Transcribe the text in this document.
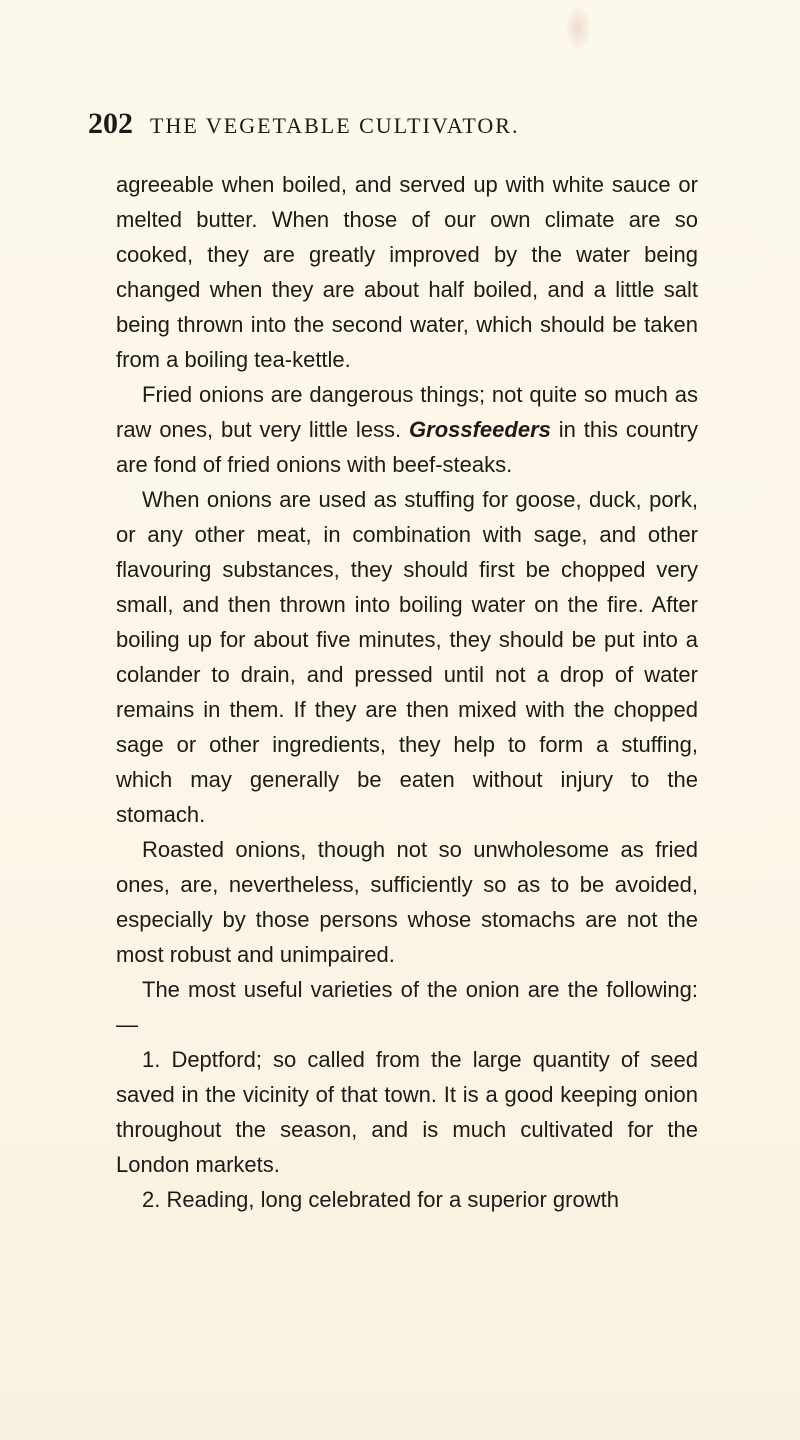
202 THE VEGETABLE CULTIVATOR.

agreeable when boiled, and served up with white sauce or melted butter. When those of our own climate are so cooked, they are greatly improved by the water being changed when they are about half boiled, and a little salt being thrown into the second water, which should be taken from a boiling tea-kettle.

Fried onions are dangerous things; not quite so much as raw ones, but very little less. Grossfeeders in this country are fond of fried onions with beef-steaks.

When onions are used as stuffing for goose, duck, pork, or any other meat, in combination with sage, and other flavouring substances, they should first be chopped very small, and then thrown into boiling water on the fire. After boiling up for about five minutes, they should be put into a colander to drain, and pressed until not a drop of water remains in them. If they are then mixed with the chopped sage or other ingredients, they help to form a stuffing, which may generally be eaten without injury to the stomach.

Roasted onions, though not so unwholesome as fried ones, are, nevertheless, sufficiently so as to be avoided, especially by those persons whose stomachs are not the most robust and unimpaired.

The most useful varieties of the onion are the following: —

1. Deptford; so called from the large quantity of seed saved in the vicinity of that town. It is a good keeping onion throughout the season, and is much cultivated for the London markets.

2. Reading, long celebrated for a superior growth
